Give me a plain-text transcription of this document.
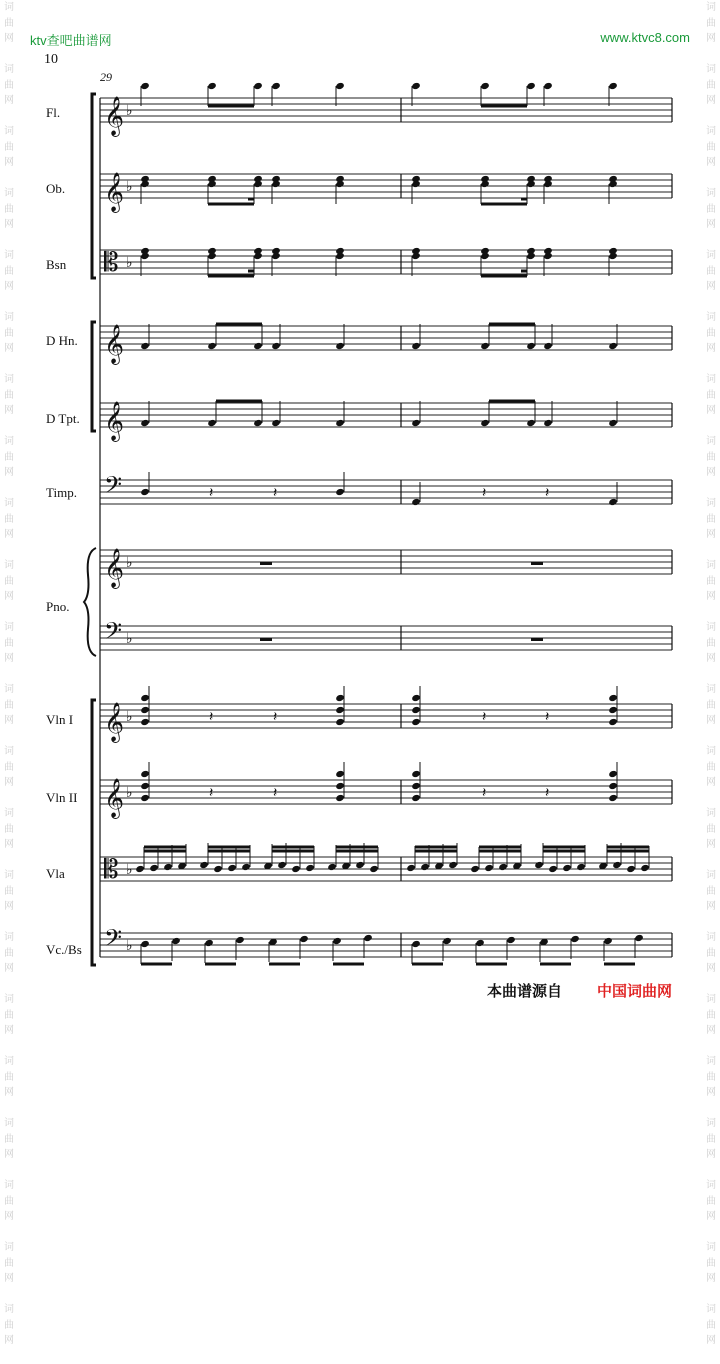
ktv查吧曲谱网	www.ktvc8.com
10
29
词
曲
网

词
曲
网

词
曲
网

词
曲
网

词
曲
网

词
曲
网

词
曲
网

词
曲
网

词
曲
网

词
曲
网

词
曲
网

词
曲
网

词
曲
网

词
曲
网

词
曲
网

词
曲
网

词
曲
网

词
曲
网

词
曲
网

词
曲
网

词
曲
网

词
曲
网

词
曲
网

词
曲
网

词
曲
网

词
曲
网

词
曲
网

词
曲
网

词
曲
网

词
曲
网

词
曲
网

词
曲
网

词
曲
网

词
曲
网

词
曲
网

词
曲
网

词
曲
网

词
曲
网

词
曲
网

词
曲
网

词
曲
网

词
曲
网

词
曲
网

词
曲
网

Fl.
Ob.
Bsn
D Hn.
D Tpt.
Timp.
Pno.
Vln I
Vln II
Vla
Vc./Bs
𝄞 ♭
𝄞 ♭
𝄡 ♭
𝄞
𝄞
𝄢
𝄞 ♭
𝄢 ♭
𝄞 ♭
𝄞 ♭
𝄡 ♭
𝄢 ♭
𝄽	𝄽	𝄽	𝄽
𝄽	𝄽	𝄽	𝄽
𝄽	𝄽	𝄽	𝄽
本曲谱源自 中国词曲网
